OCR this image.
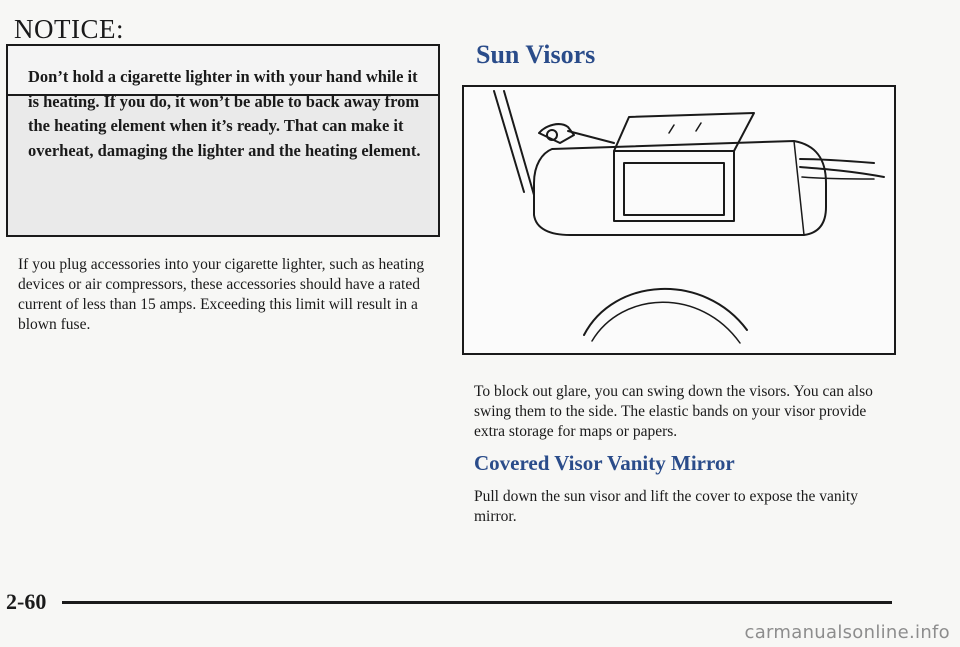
NOTICE:
Don’t hold a cigarette lighter in with your hand while it is heating. If you do, it won’t be able to back away from the heating element when it’s ready. That can make it overheat, damaging the lighter and the heating element.
If you plug accessories into your cigarette lighter, such as heating devices or air compressors, these accessories should have a rated current of less than 15 amps. Exceeding this limit will result in a blown fuse.
Sun Visors
To block out glare, you can swing down the visors. You can also swing them to the side. The elastic bands on your visor provide extra storage for maps or papers.
Covered Visor Vanity Mirror
Pull down the sun visor and lift the cover to expose the vanity mirror.
2-60
carmanualsonline.info
